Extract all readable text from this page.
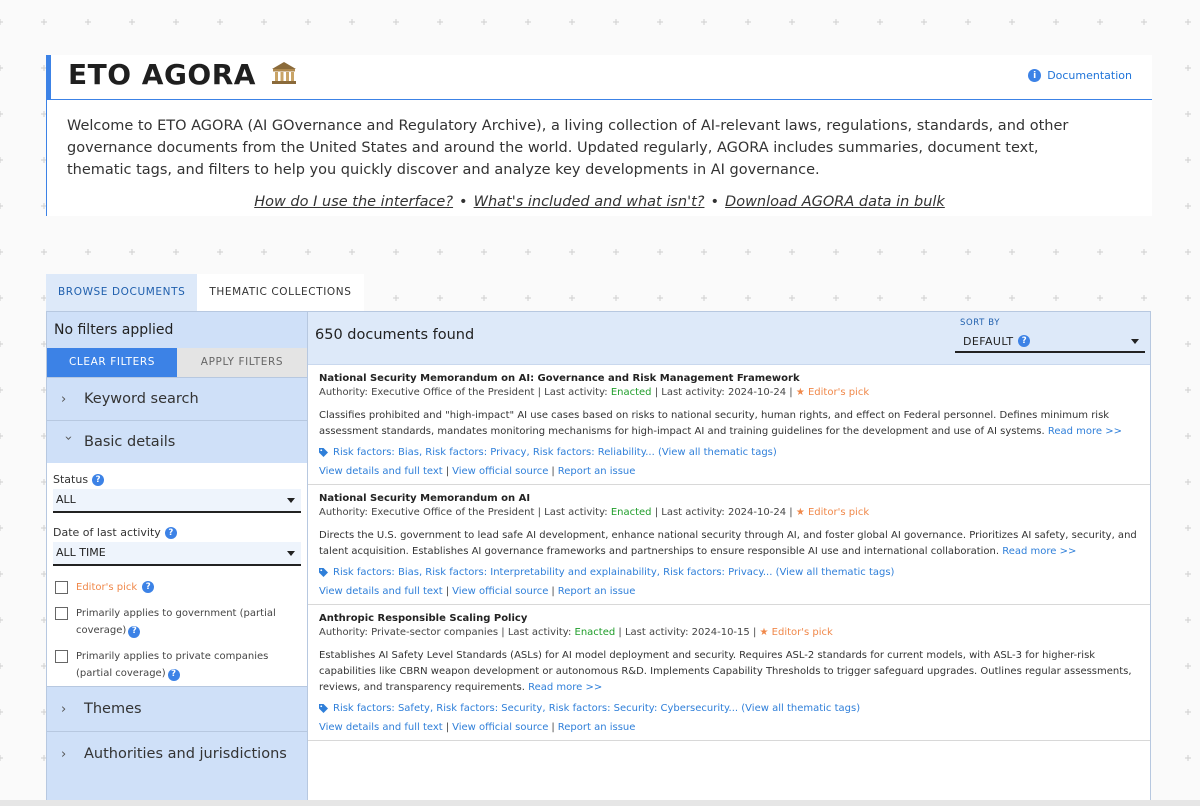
ETO AGORA	i Documentation

Welcome to ETO AGORA (AI GOvernance and Regulatory Archive), a living collection of AI-relevant laws, regulations, standards, and other governance documents from the United States and around the world. Updated regularly, AGORA includes summaries, document text, thematic tags, and filters to help you quickly discover and analyze key developments in AI governance.

How do I use the interface? • What's included and what isn't? • Download AGORA data in bulk
BROWSE DOCUMENTS	THEMATIC COLLECTIONS
No filters applied
CLEAR FILTERS	APPLY FILTERS
›	Keyword search
› Basic details
Status ?
ALL
Date of last activity ?
ALL TIME
Editor's pick	?
Primarily applies to government (partial coverage) ?
Primarily applies to private companies (partial coverage) ?
›	Themes
›	Authorities and jurisdictions
650 documents found
SORT BY
DEFAULT ?
National Security Memorandum on AI: Governance and Risk Management Framework
Authority: Executive Office of the President | Last activity: Enacted | Last activity: 2024-10-24 | ★ Editor's pick
Classifies prohibited and "high-impact" AI use cases based on risks to national security, human rights, and effect on Federal personnel. Defines minimum risk assessment standards, mandates monitoring mechanisms for high-impact AI and training guidelines for the development and use of AI systems. Read more >>
Risk factors: Bias, Risk factors: Privacy, Risk factors: Reliability...
(View all thematic tags)
View details and full text | View official source | Report an issue
National Security Memorandum on AI
Authority: Executive Office of the President | Last activity: Enacted | Last activity: 2024-10-24 | ★ Editor's pick
Directs the U.S. government to lead safe AI development, enhance national security through AI, and foster global AI governance. Prioritizes AI safety, security, and talent acquisition. Establishes AI governance frameworks and partnerships to ensure responsible AI use and international collaboration. Read more >>
Risk factors: Bias, Risk factors: Interpretability and explainability, Risk factors: Privacy...
(View all thematic tags)
View details and full text | View official source | Report an issue
Anthropic Responsible Scaling Policy
Authority: Private-sector companies | Last activity: Enacted | Last activity: 2024-10-15 | ★ Editor's pick
Establishes AI Safety Level Standards (ASLs) for AI model deployment and security. Requires ASL-2 standards for current models, with ASL-3 for higher-risk capabilities like CBRN weapon development or autonomous R&D. Implements Capability Thresholds to trigger safeguard upgrades. Outlines regular assessments, reviews, and transparency requirements. Read more >>
Risk factors: Safety, Risk factors: Security, Risk factors: Security: Cybersecurity...
(View all thematic tags)
View details and full text | View official source | Report an issue
